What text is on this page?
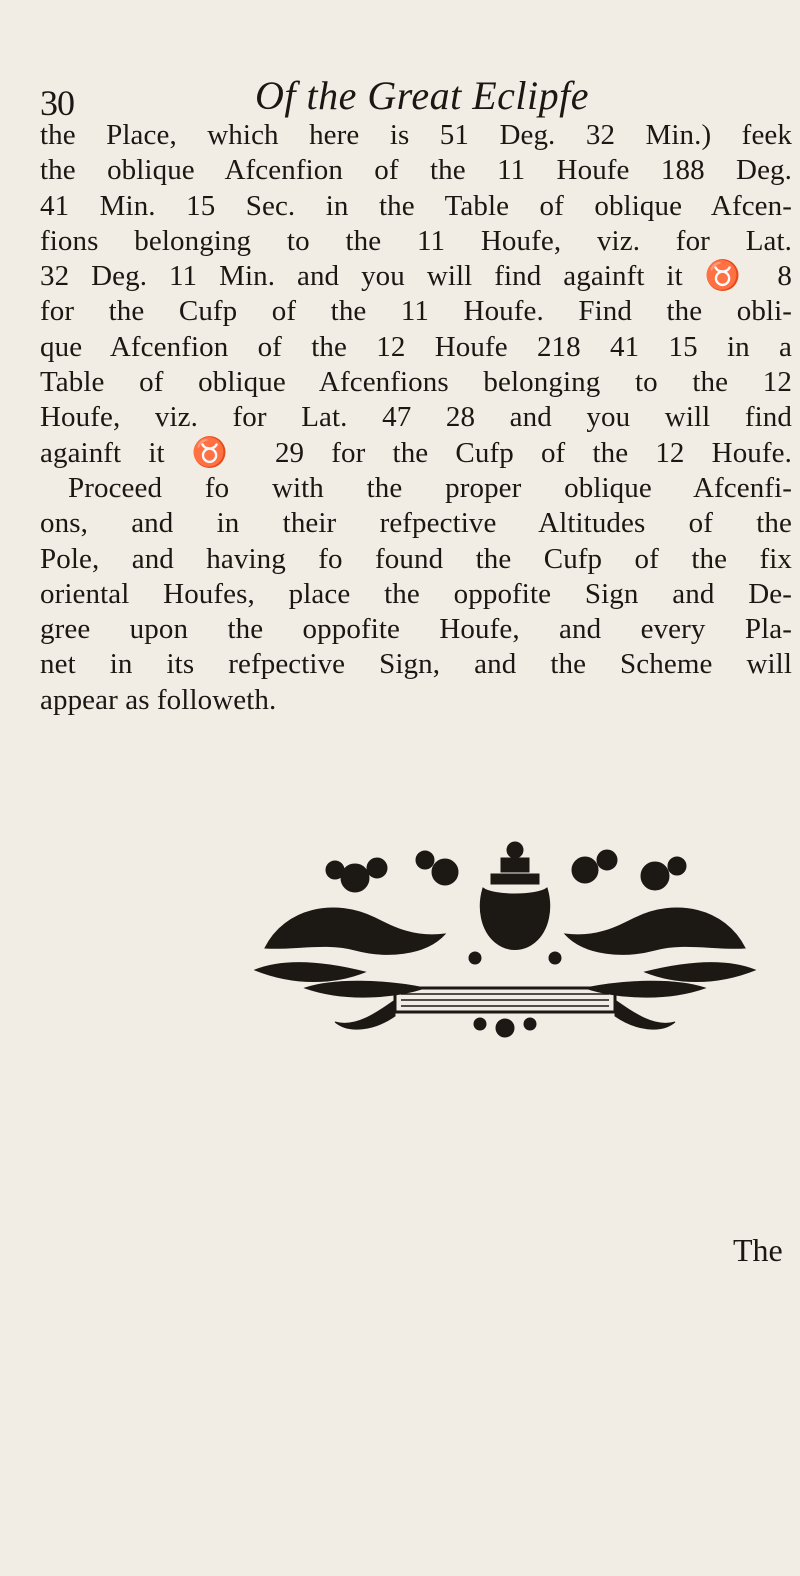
30	Of the Great Eclipfe
the Place, which here is 51 Deg. 32 Min.) feek
the oblique Afcenfion of the 11 Houfe 188 Deg.
41 Min. 15 Sec. in the Table of oblique Afcen-
fions belonging to the 11 Houfe, viz. for Lat.
32 Deg. 11 Min. and you will find againft it ♉ 8
for the Cufp of the 11 Houfe. Find the obli-
que Afcenfion of the 12 Houfe 218 41 15 in a
Table of oblique Afcenfions belonging to the 12
Houfe, viz. for Lat. 47 28 and you will find
againft it ♉ 29 for the Cufp of the 12 Houfe.
Proceed fo with the proper oblique Afcenfi-
ons, and in their refpective Altitudes of the
Pole, and having fo found the Cufp of the fix
oriental Houfes, place the oppofite Sign and De-
gree upon the oppofite Houfe, and every Pla-
net in its refpective Sign, and the Scheme will
appear as followeth.
The
